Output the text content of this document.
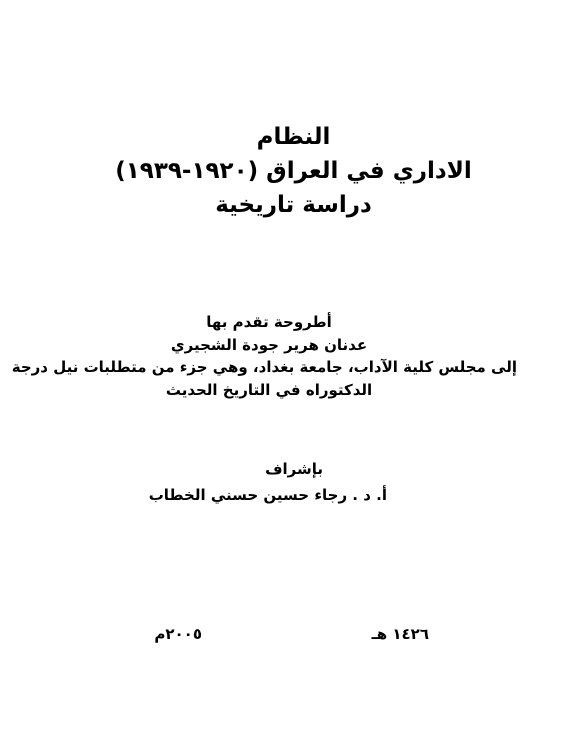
النظام
الاداري في العراق (١٩٢٠-١٩٣٩)
دراسة تاريخية
أطروحة تقدم بها
عدنان هرير جودة الشجيري
إلى مجلس كلية الآداب، جامعة بغداد، وهي جزء من متطلبات نيل درجة
الدكتوراه في التاريخ الحديث
بإشراف
أ. د . رجاء حسين حسني الخطاب
١٤٢٦ هـ
٢٠٠٥م
